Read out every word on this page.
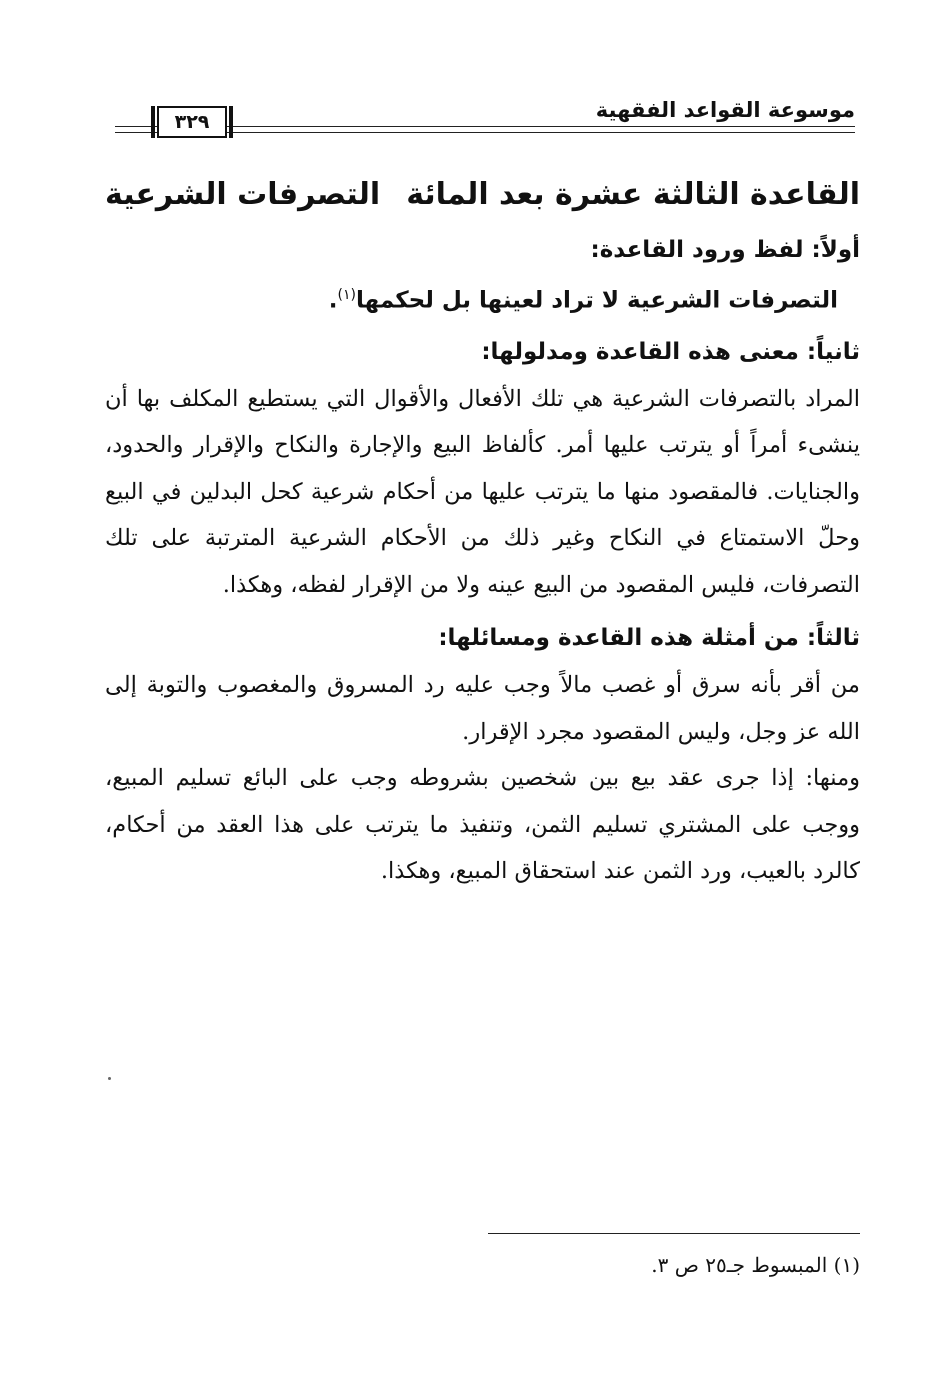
موسوعة القواعد الفقهية
٣٢٩
القاعدة الثالثة عشرة بعد المائة
التصرفات الشرعية
أولاً: لفظ ورود القاعدة:
التصرفات الشرعية لا تراد لعينها بل لحكمها$^{(١)}$.
ثانياً: معنى هذه القاعدة ومدلولها:
المراد بالتصرفات الشرعية هي تلك الأفعال والأقوال التي يستطيع المكلف بها أن ينشىء أمراً أو يترتب عليها أمر. كألفاظ البيع والإجارة والنكاح والإقرار والحدود، والجنايات. فالمقصود منها ما يترتب عليها من أحكام شرعية كحل البدلين في البيع وحلّ الاستمتاع في النكاح وغير ذلك من الأحكام الشرعية المترتبة على تلك التصرفات، فليس المقصود من البيع عينه ولا من الإقرار لفظه، وهكذا.
ثالثاً: من أمثلة هذه القاعدة ومسائلها:
من أقر بأنه سرق أو غصب مالاً وجب عليه رد المسروق والمغصوب والتوبة إلى الله عز وجل، وليس المقصود مجرد الإقرار.
ومنها: إذا جرى عقد بيع بين شخصين بشروطه وجب على البائع تسليم المبيع، ووجب على المشتري تسليم الثمن، وتنفيذ ما يترتب على هذا العقد من أحكام، كالرد بالعيب، ورد الثمن عند استحقاق المبيع، وهكذا.
(١) المبسوط جـ٢٥ ص ٣.
